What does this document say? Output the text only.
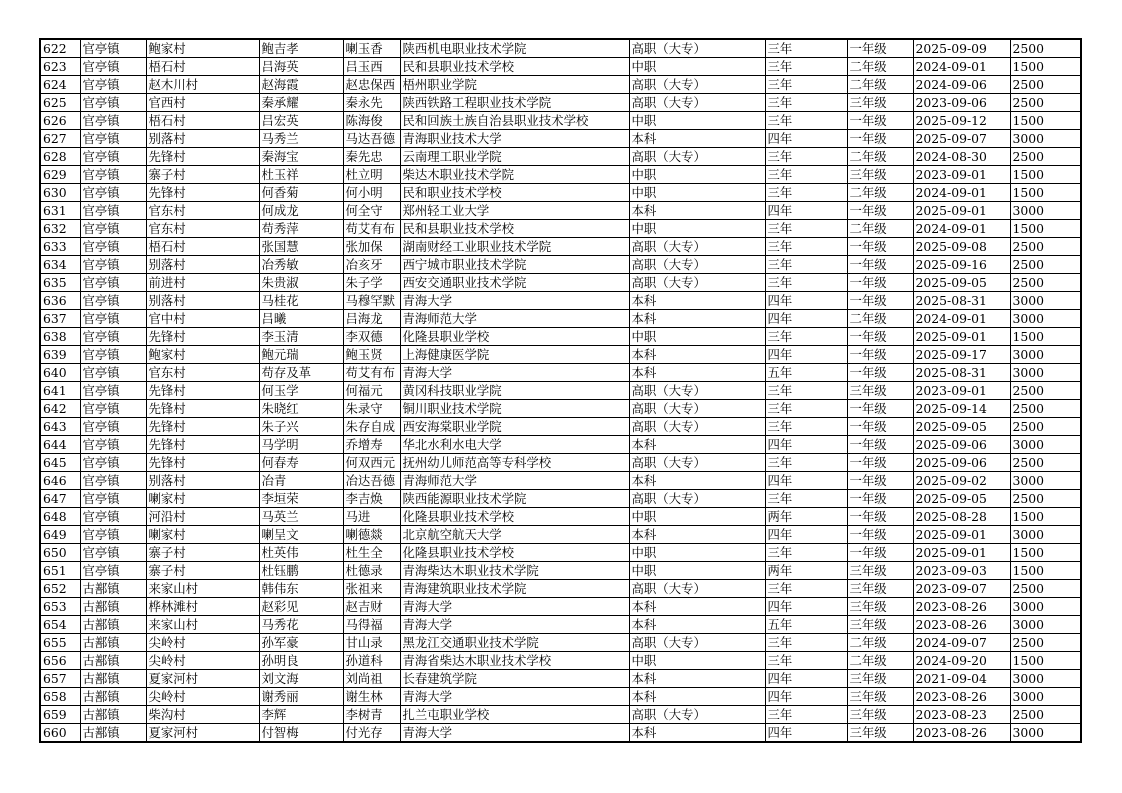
622	官亭镇	鲍家村	鲍吉孝	喇玉香	陕西机电职业技术学院	高职（大专）	三年	一年级	2025-09-09	2500
623	官亭镇	梧石村	吕海英	吕玉西	民和县职业技术学校	中职	三年	二年级	2024-09-01	1500
624	官亭镇	赵木川村	赵海霞	赵忠保西	梧州职业学院	高职（大专）	三年	二年级	2024-09-06	2500
625	官亭镇	官西村	秦承耀	秦永先	陕西铁路工程职业技术学院	高职（大专）	三年	三年级	2023-09-06	2500
626	官亭镇	梧石村	吕宏英	陈海俊	民和回族土族自治县职业技术学校	中职	三年	一年级	2025-09-12	1500
627	官亭镇	别落村	马秀兰	马达吾德	青海职业技术大学	本科	四年	一年级	2025-09-07	3000
628	官亭镇	先锋村	秦海宝	秦先忠	云南理工职业学院	高职（大专）	三年	二年级	2024-08-30	2500
629	官亭镇	寨子村	杜玉祥	杜立明	柴达木职业技术学院	中职	三年	三年级	2023-09-01	1500
630	官亭镇	先锋村	何香菊	何小明	民和职业技术学校	中职	三年	二年级	2024-09-01	1500
631	官亭镇	官东村	何成龙	何全守	郑州轻工业大学	本科	四年	一年级	2025-09-01	3000
632	官亭镇	官东村	苟秀萍	苟艾有布	民和县职业技术学校	中职	三年	二年级	2024-09-01	1500
633	官亭镇	梧石村	张国慧	张加保	湖南财经工业职业技术学院	高职（大专）	三年	一年级	2025-09-08	2500
634	官亭镇	别落村	冶秀敏	冶亥牙	西宁城市职业技术学院	高职（大专）	三年	一年级	2025-09-16	2500
635	官亭镇	前进村	朱贵淑	朱子学	西安交通职业技术学院	高职（大专）	三年	一年级	2025-09-05	2500
636	官亭镇	别落村	马桂花	马穆罕默	青海大学	本科	四年	一年级	2025-08-31	3000
637	官亭镇	官中村	吕曦	吕海龙	青海师范大学	本科	四年	二年级	2024-09-01	3000
638	官亭镇	先锋村	李玉清	李双德	化隆县职业学校	中职	三年	一年级	2025-09-01	1500
639	官亭镇	鲍家村	鲍元瑞	鲍玉贤	上海健康医学院	本科	四年	一年级	2025-09-17	3000
640	官亭镇	官东村	苟存及革	苟艾有布	青海大学	本科	五年	一年级	2025-08-31	3000
641	官亭镇	先锋村	何玉学	何福元	黄冈科技职业学院	高职（大专）	三年	三年级	2023-09-01	2500
642	官亭镇	先锋村	朱晓红	朱录守	铜川职业技术学院	高职（大专）	三年	一年级	2025-09-14	2500
643	官亭镇	先锋村	朱子兴	朱存自成	西安海棠职业学院	高职（大专）	三年	一年级	2025-09-05	2500
644	官亭镇	先锋村	马学明	乔增寿	华北水利水电大学	本科	四年	一年级	2025-09-06	3000
645	官亭镇	先锋村	何春寿	何双西元	抚州幼儿师范高等专科学校	高职（大专）	三年	一年级	2025-09-06	2500
646	官亭镇	别落村	冶青	冶达吾德	青海师范大学	本科	四年	一年级	2025-09-02	3000
647	官亭镇	喇家村	李垣荣	李吉焕	陕西能源职业技术学院	高职（大专）	三年	一年级	2025-09-05	2500
648	官亭镇	河沿村	马英兰	马进	化隆县职业技术学校	中职	两年	一年级	2025-08-28	1500
649	官亭镇	喇家村	喇呈文	喇德燚	北京航空航天大学	本科	四年	一年级	2025-09-01	3000
650	官亭镇	寨子村	杜英伟	杜生全	化隆县职业技术学校	中职	三年	一年级	2025-09-01	1500
651	官亭镇	寨子村	杜钰鹏	杜德录	青海柴达木职业技术学院	中职	两年	三年级	2023-09-03	1500
652	古鄯镇	来家山村	韩伟东	张祖来	青海建筑职业技术学院	高职（大专）	三年	三年级	2023-09-07	2500
653	古鄯镇	桦林滩村	赵彩见	赵吉财	青海大学	本科	四年	三年级	2023-08-26	3000
654	古鄯镇	来家山村	马秀花	马得福	青海大学	本科	五年	三年级	2023-08-26	3000
655	古鄯镇	尖岭村	孙军豪	甘山录	黑龙江交通职业技术学院	高职（大专）	三年	二年级	2024-09-07	2500
656	古鄯镇	尖岭村	孙明良	孙道科	青海省柴达木职业技术学校	中职	三年	二年级	2024-09-20	1500
657	古鄯镇	夏家河村	刘文海	刘尚祖	长春建筑学院	本科	四年	三年级	2021-09-04	3000
658	古鄯镇	尖岭村	谢秀丽	谢生林	青海大学	本科	四年	三年级	2023-08-26	3000
659	古鄯镇	柴沟村	李辉	李树青	扎兰屯职业学校	高职（大专）	三年	三年级	2023-08-23	2500
660	古鄯镇	夏家河村	付智梅	付光存	青海大学	本科	四年	三年级	2023-08-26	3000
